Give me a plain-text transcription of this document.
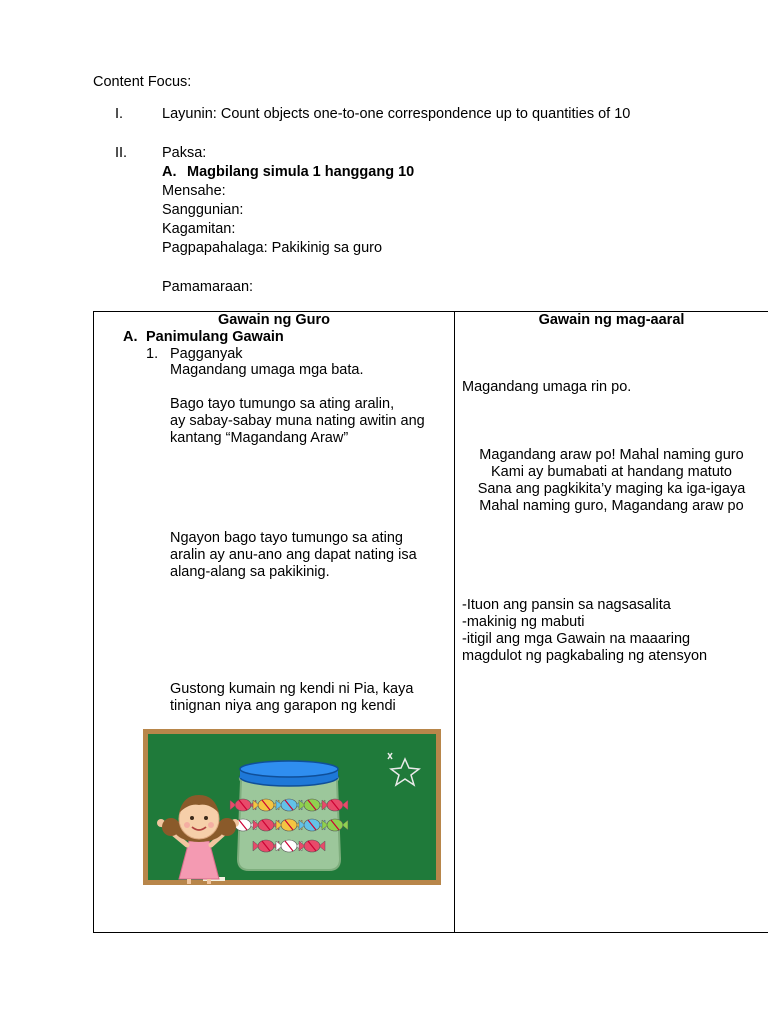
Content Focus:
I.	Layunin: Count objects one-to-one correspondence up to quantities of 10
II. Paksa:
A. Magbilang simula 1 hanggang 10
Mensahe:
Sanggunian:
Kagamitan:
Pagpapahalaga: Pakikinig sa guro
Pamamaraan:
Gawain ng Guro	Gawain ng mag-aaral
A. Panimulang Gawain
1. Pagganyak
Magandang umaga mga bata.
Bago tayo tumungo sa ating aralin,
ay sabay-sabay muna nating awitin ang
kantang “Magandang Araw”
Ngayon bago tayo tumungo sa ating
aralin ay anu-ano ang dapat nating isa
alang-alang sa pakikinig.
Gustong kumain ng kendi ni Pia, kaya
tiniɡnan niya ang garapon ng kendi
Magandang umaga rin po.
Magandang araw po! Mahal naming guro
Kami ay bumabati at handang matuto
Sana ang pagkikita’y maging ka iga-igaya
Mahal naming guro, Magandang araw po
-Ituon ang pansin sa nagsasalita
-makinig ng mabuti
-itigil ang mga Gawain na maaaring
magdulot ng pagkabaling ng atensyon
